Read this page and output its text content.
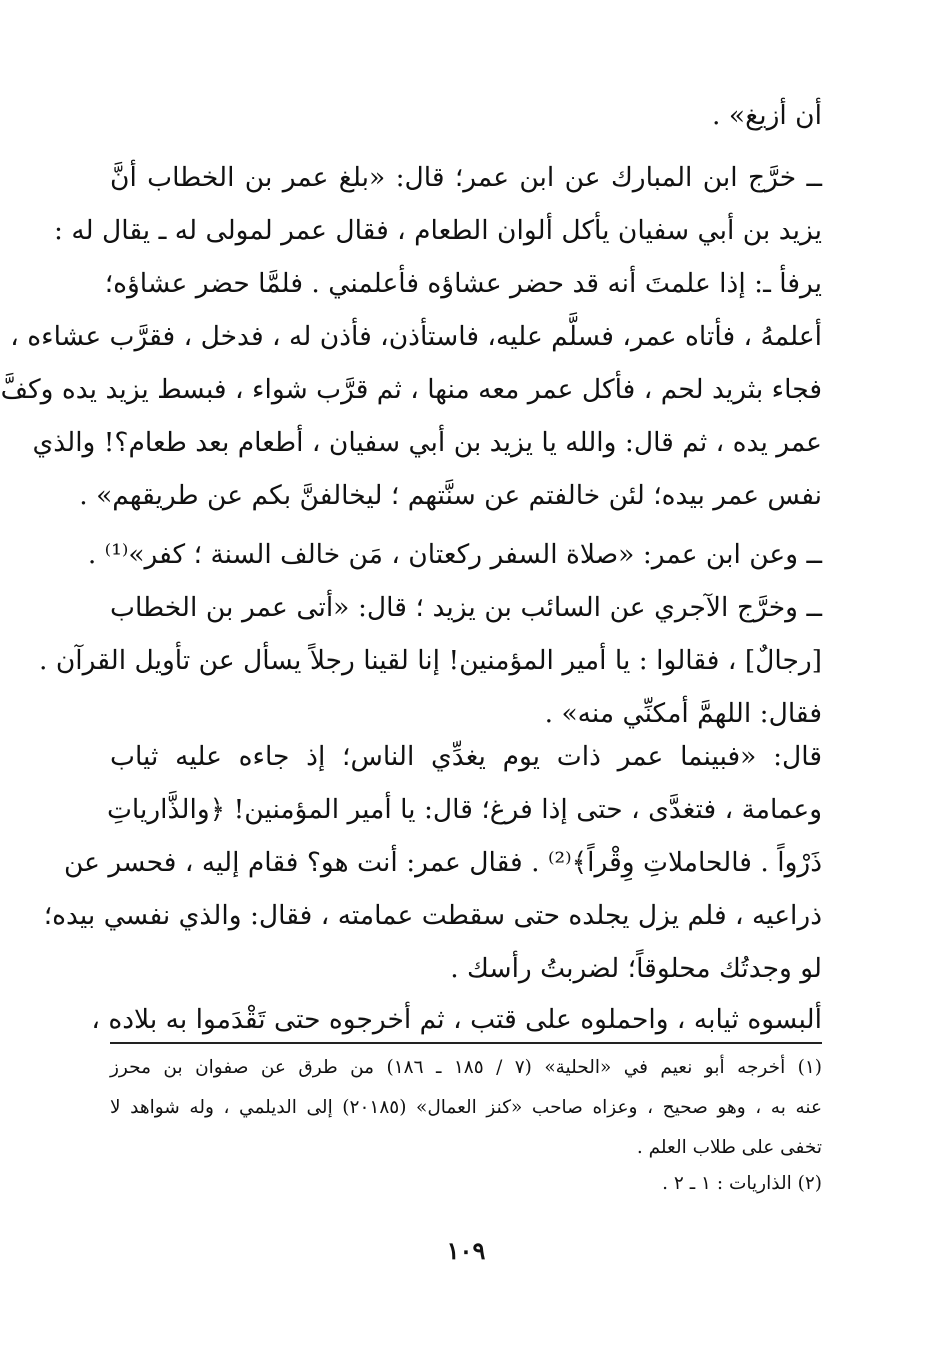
أن أزيغ» .
ــ خرَّج ابن المبارك عن ابن عمر؛ قال: «بلغ عمر بن الخطاب أنَّ
يزيد بن أبي سفيان يأكل ألوان الطعام ، فقال عمر لمولى له ـ يقال له :
يرفأ ـ: إذا علمتَ أنه قد حضر عشاؤه فأعلمني . فلمَّا حضر عشاؤه؛
أعلمهُ ، فأتاه عمر، فسلَّم عليه، فاستأذن، فأذن له ، فدخل ، فقرَّب عشاءه ،
فجاء بثريد لحم ، فأكل عمر معه منها ، ثم قرَّب شواء ، فبسط يزيد يده وكفَّ
عمر يده ، ثم قال: والله يا يزيد بن أبي سفيان ، أطعام بعد طعام؟! والذي
نفس عمر بيده؛ لئن خالفتم عن سنَّتهم ؛ ليخالفنَّ بكم عن طريقهم» .
ــ وعن ابن عمر: «صلاة السفر ركعتان ، مَن خالف السنة ؛ كفر»⁽¹⁾ .
ــ وخرَّج الآجري عن السائب بن يزيد ؛ قال: «أتى عمر بن الخطاب
[رجالٌ] ، فقالوا : يا أمير المؤمنين! إنا لقينا رجلاً يسأل عن تأويل القرآن .
فقال: اللهمَّ أمكنِّي منه» .
قال: «فبينما عمر ذات يوم يغدِّي الناس؛ إذ جاءه عليه ثياب
وعمامة ، فتغدَّى ، حتى إذا فرغ؛ قال: يا أمير المؤمنين! ﴿والذَّارياتِ
ذَرْواً . فالحاملاتِ وِقْراً﴾⁽²⁾ . فقال عمر: أنت هو؟ فقام إليه ، فحسر عن
ذراعيه ، فلم يزل يجلده حتى سقطت عمامته ، فقال: والذي نفسي بيده؛
لو وجدتُك محلوقاً؛ لضربتُ رأسك .
ألبسوه ثيابه ، واحملوه على قتب ، ثم أخرجوه حتى تَقْدَموا به بلاده ،
(١) أخرجه أبو نعيم في «الحلية» (٧ / ١٨٥ ـ ١٨٦) من طرق عن صفوان بن محرز
عنه به ، وهو صحيح ، وعزاه صاحب «كنز العمال» (٢٠١٨٥) إلى الديلمي ، وله شواهد لا
تخفى على طلاب العلم .
(٢) الذاريات : ١ ـ ٢ .
١٠٩
